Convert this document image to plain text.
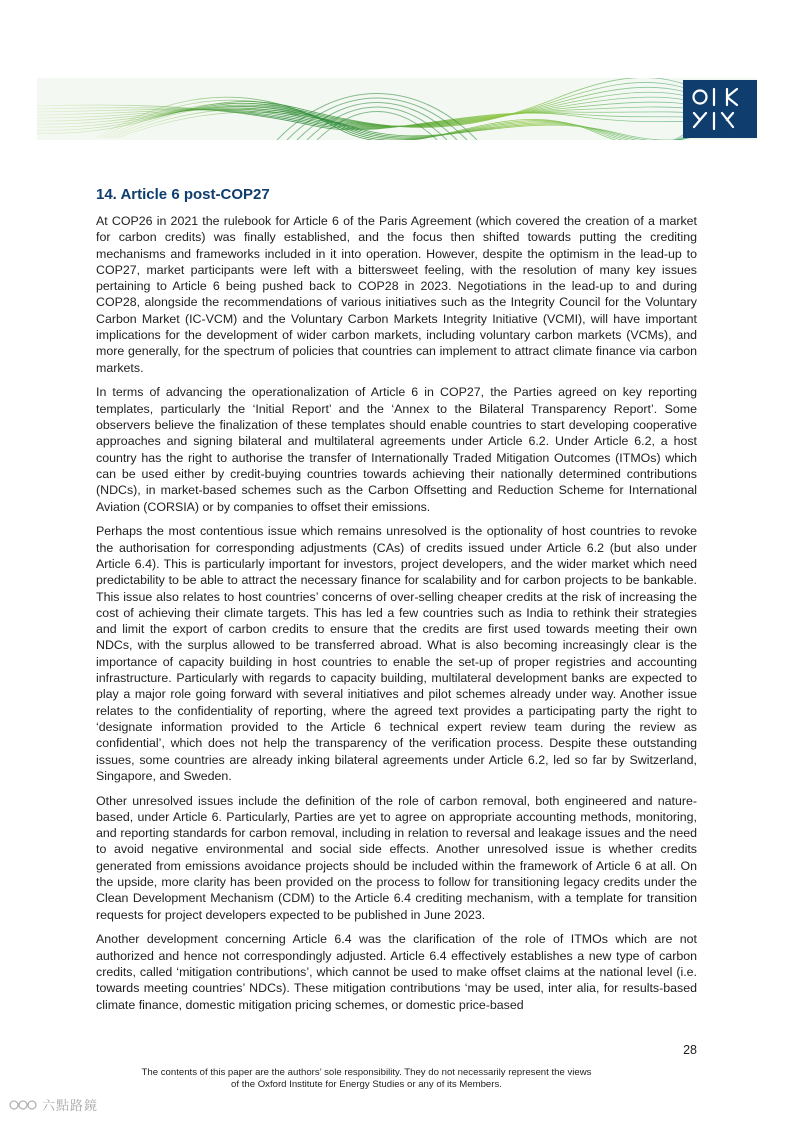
14. Article 6 post-COP27

At COP26 in 2021 the rulebook for Article 6 of the Paris Agreement (which covered the creation of a market for carbon credits) was finally established, and the focus then shifted towards putting the crediting mechanisms and frameworks included in it into operation. However, despite the optimism in the lead-up to COP27, market participants were left with a bittersweet feeling, with the resolution of many key issues pertaining to Article 6 being pushed back to COP28 in 2023. Negotiations in the lead-up to and during COP28, alongside the recommendations of various initiatives such as the Integrity Council for the Voluntary Carbon Market (IC-VCM) and the Voluntary Carbon Markets Integrity Initiative (VCMI), will have important implications for the development of wider carbon markets, including voluntary carbon markets (VCMs), and more generally, for the spectrum of policies that countries can implement to attract climate finance via carbon markets.

In terms of advancing the operationalization of Article 6 in COP27, the Parties agreed on key reporting templates, particularly the ‘Initial Report’ and the ‘Annex to the Bilateral Transparency Report’. Some observers believe the finalization of these templates should enable countries to start developing cooperative approaches and signing bilateral and multilateral agreements under Article 6.2. Under Article 6.2, a host country has the right to authorise the transfer of Internationally Traded Mitigation Outcomes (ITMOs) which can be used either by credit-buying countries towards achieving their nationally determined contributions (NDCs), in market-based schemes such as the Carbon Offsetting and Reduction Scheme for International Aviation (CORSIA) or by companies to offset their emissions.

Perhaps the most contentious issue which remains unresolved is the optionality of host countries to revoke the authorisation for corresponding adjustments (CAs) of credits issued under Article 6.2 (but also under Article 6.4). This is particularly important for investors, project developers, and the wider market which need predictability to be able to attract the necessary finance for scalability and for carbon projects to be bankable. This issue also relates to host countries’ concerns of over-selling cheaper credits at the risk of increasing the cost of achieving their climate targets. This has led a few countries such as India to rethink their strategies and limit the export of carbon credits to ensure that the credits are first used towards meeting their own NDCs, with the surplus allowed to be transferred abroad. What is also becoming increasingly clear is the importance of capacity building in host countries to enable the set-up of proper registries and accounting infrastructure. Particularly with regards to capacity building, multilateral development banks are expected to play a major role going forward with several initiatives and pilot schemes already under way. Another issue relates to the confidentiality of reporting, where the agreed text provides a participating party the right to ‘designate information provided to the Article 6 technical expert review team during the review as confidential’, which does not help the transparency of the verification process. Despite these outstanding issues, some countries are already inking bilateral agreements under Article 6.2, led so far by Switzerland, Singapore, and Sweden.

Other unresolved issues include the definition of the role of carbon removal, both engineered and nature-based, under Article 6. Particularly, Parties are yet to agree on appropriate accounting methods, monitoring, and reporting standards for carbon removal, including in relation to reversal and leakage issues and the need to avoid negative environmental and social side effects. Another unresolved issue is whether credits generated from emissions avoidance projects should be included within the framework of Article 6 at all. On the upside, more clarity has been provided on the process to follow for transitioning legacy credits under the Clean Development Mechanism (CDM) to the Article 6.4 crediting mechanism, with a template for transition requests for project developers expected to be published in June 2023.

Another development concerning Article 6.4 was the clarification of the role of ITMOs which are not authorized and hence not correspondingly adjusted. Article 6.4 effectively establishes a new type of carbon credits, called ‘mitigation contributions’, which cannot be used to make offset claims at the national level (i.e. towards meeting countries’ NDCs). These mitigation contributions ‘may be used, inter alia, for results-based climate finance, domestic mitigation pricing schemes, or domestic price-based

28
The contents of this paper are the authors’ sole responsibility. They do not necessarily represent the views
of the Oxford Institute for Energy Studies or any of its Members.
六點路鏡
